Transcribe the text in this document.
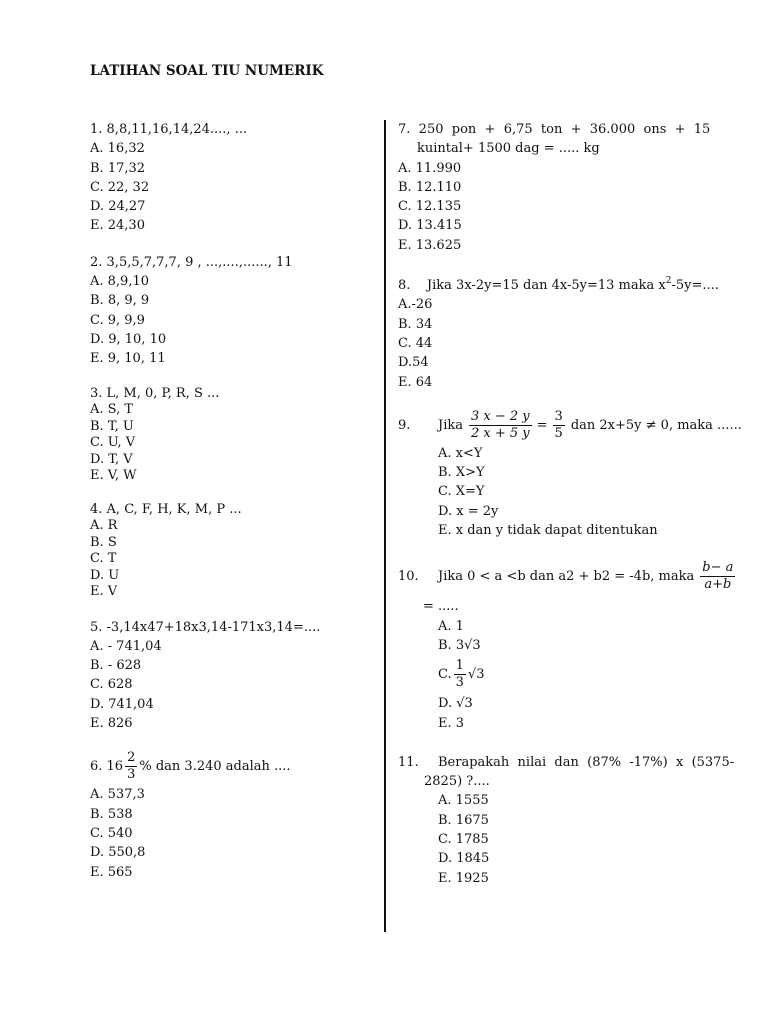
LATIHAN SOAL TIU NUMERIK
1. 8,8,11,16,14,24...., ...
A. 16,32
B. 17,32
C. 22, 32
D. 24,27
E. 24,30
2. 3,5,5,7,7,7, 9 , ...,....,......, 11
A. 8,9,10
B. 8, 9, 9
C. 9, 9,9
D. 9, 10, 10
E. 9, 10, 11
3. L, M, 0, P, R, S ...
A. S, T
B. T, U
C. U, V
D. T, V
E. V, W
4. A, C, F, H, K, M, P ...
A. R
B. S
C. T
D. U
E. V
5. -3,14x47+18x3,14-171x3,14=....
A. - 741,04
B. - 628
C. 628
D. 741,04
E. 826
6. $16 \frac{2}{3}$ % dan 3.240 adalah ....
A. 537,3
B. 538
C. 540
D. 550,8
E. 565
7.  250  pon  +  6,75  ton  +  36.000  ons  +  15
kuintal+ 1500 dag = ..... kg
A. 11.990
B. 12.110
C. 12.135
D. 13.415
E. 13.625
8.    Jika 3x-2y=15 dan 4x-5y=13 maka $x^2-5y=$....
A.-26
B. 34
C. 44
D.54
E. 64
9.	Jika $\frac{3 x - 2 y}{2 x + 5 y} = \frac{3}{5}$ dan 2x+5y ≠ 0, maka ......
A. x<Y
B. X>Y
C. X=Y
D. x = 2y
E. x dan y tidak dapat ditentukan
10.	Jika 0 < a <b dan a2 + b2 = -4b, maka $\frac{b- a}{a+b}$
= .....
A. 1
B. 3√3
C. $\frac{1}{3} √3$
D. √3
E. 3
11.	Berapakah  nilai  dan  (87%  -17%)  x  (5375-
2825) ?....
A. 1555
B. 1675
C. 1785
D. 1845
E. 1925
